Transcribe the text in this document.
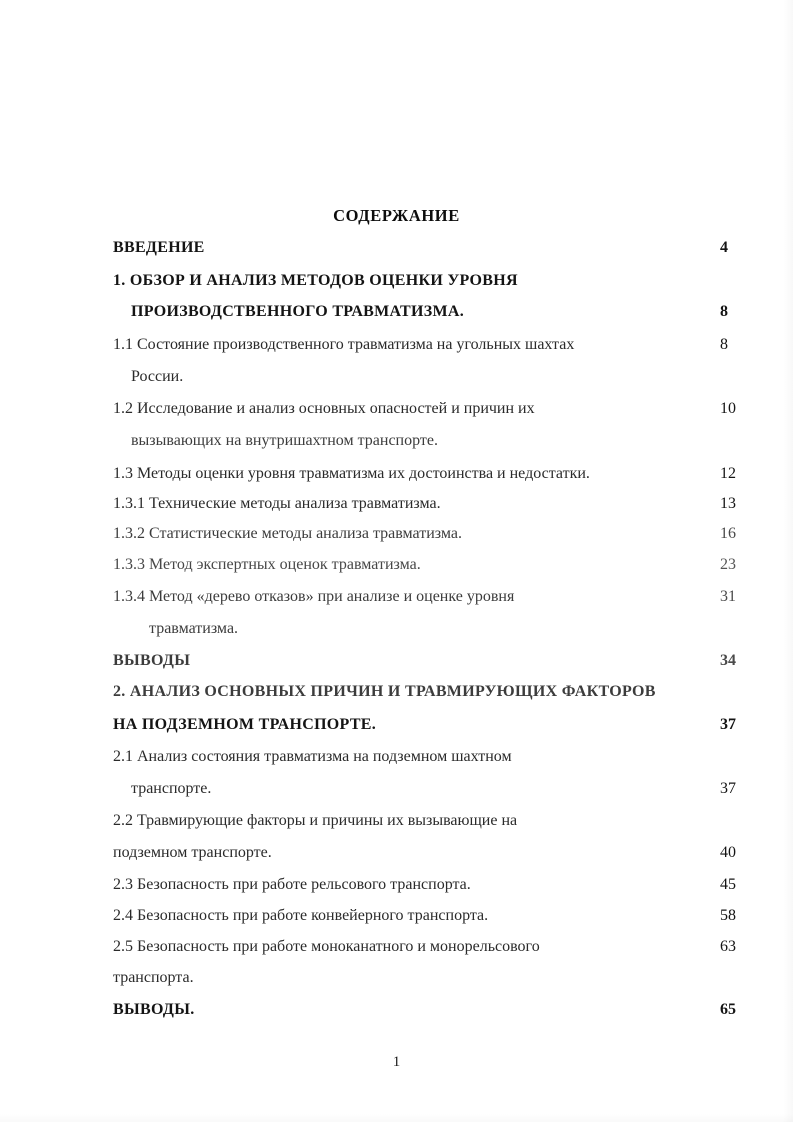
СОДЕРЖАНИЕ
ВВЕДЕНИЕ	4
1. ОБЗОР И АНАЛИЗ МЕТОДОВ ОЦЕНКИ УРОВНЯ
ПРОИЗВОДСТВЕННОГО ТРАВМАТИЗМА.	8
1.1 Состояние производственного травматизма на угольных шахтах	8
России.
1.2 Исследование и анализ основных опасностей и причин их	10
вызывающих на внутришахтном транспорте.
1.3 Методы оценки уровня травматизма их достоинства и недостатки.	12
1.3.1 Технические методы анализа травматизма.	13
1.3.2 Статистические методы анализа травматизма.	16
1.3.3 Метод экспертных оценок травматизма.	23
1.3.4 Метод «дерево отказов» при анализе и оценке уровня	31
травматизма.
ВЫВОДЫ	34
2. АНАЛИЗ ОСНОВНЫХ ПРИЧИН И ТРАВМИРУЮЩИХ ФАКТОРОВ
НА ПОДЗЕМНОМ ТРАНСПОРТЕ.	37
2.1 Анализ состояния травматизма на подземном шахтном
транспорте.	37
2.2 Травмирующие факторы и причины их вызывающие на
подземном транспорте.	40
2.3 Безопасность при работе рельсового транспорта.	45
2.4 Безопасность при работе конвейерного транспорта.	58
2.5 Безопасность при работе моноканатного и монорельсового	63
транспорта.
ВЫВОДЫ.	65
1
